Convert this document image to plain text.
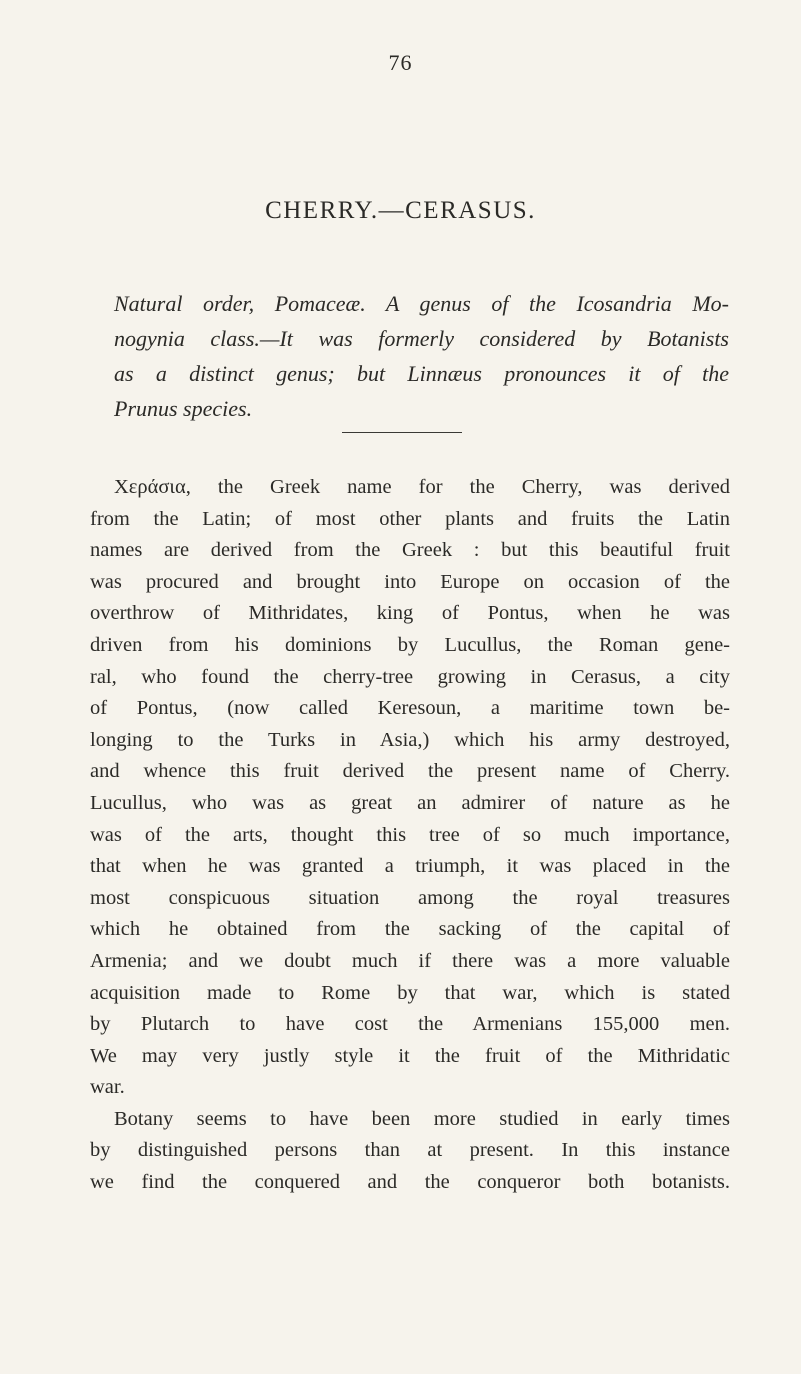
76
CHERRY.—CERASUS.
Natural order, Pomaceæ. A genus of the Icosandria Mo-
nogynia class.—It was formerly considered by Botanists
as a distinct genus; but Linnæus pronounces it of the
Prunus species.
Χεράσια, the Greek name for the Cherry, was derived
from the Latin; of most other plants and fruits the Latin
names are derived from the Greek : but this beautiful fruit
was procured and brought into Europe on occasion of the
overthrow of Mithridates, king of Pontus, when he was
driven from his dominions by Lucullus, the Roman gene-
ral, who found the cherry-tree growing in Cerasus, a city
of Pontus, (now called Keresoun, a maritime town be-
longing to the Turks in Asia,) which his army destroyed,
and whence this fruit derived the present name of Cherry.
Lucullus, who was as great an admirer of nature as he
was of the arts, thought this tree of so much importance,
that when he was granted a triumph, it was placed in the
most conspicuous situation among the royal treasures
which he obtained from the sacking of the capital of
Armenia; and we doubt much if there was a more valuable
acquisition made to Rome by that war, which is stated
by Plutarch to have cost the Armenians 155,000 men.
We may very justly style it the fruit of the Mithridatic
war.
Botany seems to have been more studied in early times
by distinguished persons than at present. In this instance
we find the conquered and the conqueror both botanists.
